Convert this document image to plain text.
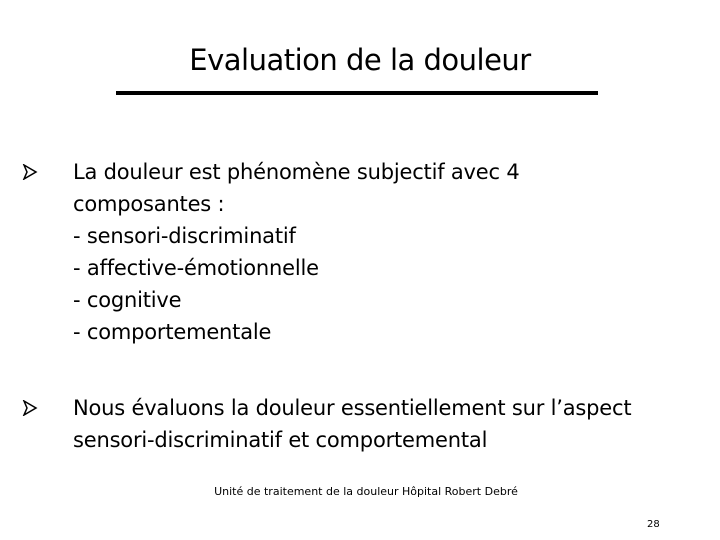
Evaluation de la douleur
La douleur est phénomène subjectif avec 4
composantes :
- sensori-discriminatif
- affective-émotionnelle
- cognitive
- comportementale
Nous évaluons la douleur essentiellement sur l’aspect
sensori-discriminatif et comportemental
Unité de traitement de la douleur Hôpital Robert Debré
28
